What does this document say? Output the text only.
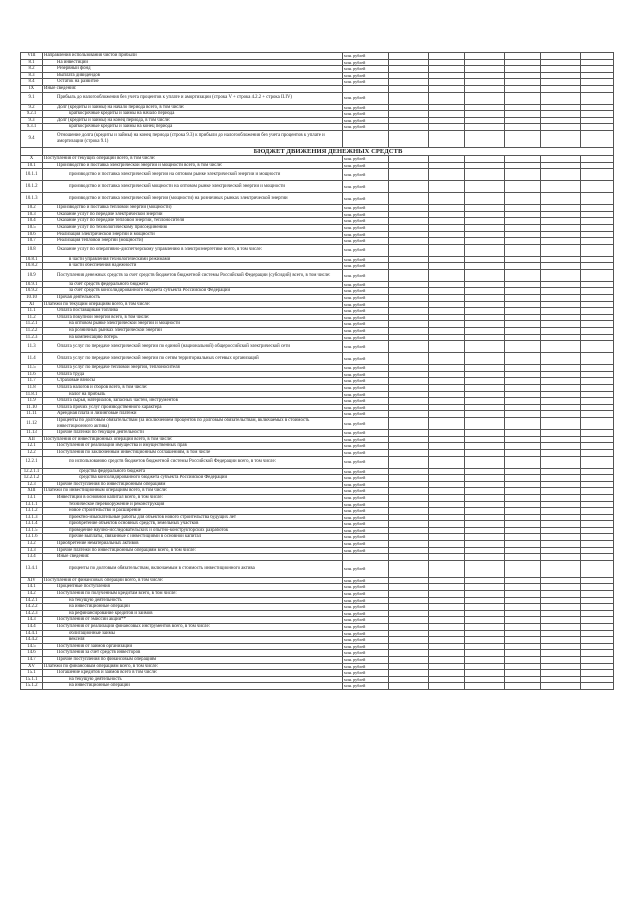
VIII	Направления использования чистой прибыли	млн. рублей						
8.1	На инвестиции	млн. рублей						
8.2	Резервный фонд	млн. рублей						
8.3	Выплата дивидендов	млн. рублей						
8.4	Остаток на развитие	млн. рублей						
IX	Иные сведения:							
9.1	Прибыль до налогообложения без учета процентов к уплате и амортизации (строка V + строка 4.2.2 + строка II.IV)	млн. рублей						
9.2	Долг (кредиты и займы) на начало периода всего, в том числе:	млн. рублей						
9.2.1	краткосрочные кредиты и займы на начало периода	млн. рублей						
9.3	Долг (кредиты и займы) на конец периода, в том числе:	млн. рублей						
9.3.1	краткосрочные кредиты и займы на конец периода	млн. рублей						
9.4	Отношение долга (кредиты и займы) на конец периода (строка 9.3) к прибыли до налогообложения без учета процентов к уплате и амортизации (строка 9.1)							
	БЮДЖЕТ ДВИЖЕНИЯ ДЕНЕЖНЫХ СРЕДСТВ							
X	Поступления от текущих операций всего, в том числе:	млн. рублей						
10.1	Производство и поставка электрической энергии и мощности всего, в том числе:	млн. рублей						
10.1.1	производство и поставка электрической энергии на оптовом рынке электрической энергии и мощности	млн. рублей						
10.1.2	производство и поставка электрической мощности на оптовом рынке электрической энергии и мощности	млн. рублей						
10.1.3	производство и поставка электрической энергии (мощности) на розничных рынках электрической энергии	млн. рублей						
10.2	Производство и поставка тепловой энергии (мощности)	млн. рублей						
10.3	Оказание услуг по передаче электрической энергии	млн. рублей						
10.4	Оказание услуг по передаче тепловой энергии, теплоносителя	млн. рублей						
10.5	Оказание услуг по технологическому присоединению	млн. рублей						
10.6	Реализация электрической энергии и мощности	млн. рублей						
10.7	Реализация тепловой энергии (мощности)	млн. рублей						
10.8	Оказание услуг по оперативно-диспетчерскому управлению в электроэнергетике всего, в том числе:	млн. рублей						
10.8.1	в части управления технологическими режимами	млн. рублей						
10.8.2	в части обеспечения надежности	млн. рублей						
10.9	Поступления денежных средств за счет средств бюджетов бюджетной системы Российской Федерации (субсидий) всего, в том числе:	млн. рублей						
10.9.1	за счет средств федерального бюджета	млн. рублей						
10.9.2	за счет средств консолидированного бюджета субъекта Российской Федерации	млн. рублей						
10.10	Прочая деятельность	млн. рублей						
XI	Платежи по текущим операциям всего, в том числе:	млн. рублей						
11.1	Оплата поставщикам топлива	млн. рублей						
11.2	Оплата покупной энергии всего, в том числе:	млн. рублей						
11.2.1	на оптовом рынке электрической энергии и мощности	млн. рублей						
11.2.2	на розничных рынках электрической энергии	млн. рублей						
11.2.3	на компенсацию потерь	млн. рублей						
11.3	Оплата услуг по передаче электрической энергии по единой (национальной) общероссийской электрической сети	млн. рублей						
11.4	Оплата услуг по передаче электрической энергии по сетям территориальных сетевых организаций	млн. рублей						
11.5	Оплата услуг по передаче тепловой энергии, теплоносителя	млн. рублей						
11.6	Оплата труда	млн. рублей						
11.7	Страховые взносы	млн. рублей						
11.8	Оплата налогов и сборов всего, в том числе:	млн. рублей						
11.8.1	налог на прибыль	млн. рублей						
11.9	Оплата сырья, материалов, запасных частей, инструментов	млн. рублей						
11.10	Оплата прочих услуг производственного характера	млн. рублей						
11.11	Арендная плата и лизинговые платежи	млн. рублей						
11.12	Проценты по долговым обязательствам (за исключением процентов по долговым обязательствам, включаемых в стоимость инвестиционного актива)	млн. рублей						
11.13	Прочие платежи по текущей деятельности	млн. рублей						
XII	Поступления от инвестиционных операций всего, в том числе:	млн. рублей						
12.1	Поступления от реализации имущества и имущественных прав	млн. рублей						
12.2	Поступления по заключенным инвестиционным соглашениям, в том числе	млн. рублей						
12.2.1	по использованию средств бюджетов бюджетной системы Российской Федерации всего, в том числе:	млн. рублей						
12.2.1.1	средства федерального бюджета	млн. рублей						
12.2.1.2	средства консолидированного бюджета субъекта Российской Федерации	млн. рублей						
12.3	Прочие поступления по инвестиционным операциям	млн. рублей						
XIII	Платежи по инвестиционным операциям всего, в том числе:	млн. рублей						
13.1	Инвестиции в основной капитал всего, в том числе:	млн. рублей						
13.1.1	техническое перевооружение и реконструкция	млн. рублей						
13.1.2	новое строительство и расширение	млн. рублей						
13.1.3	проектно-изыскательные работы для объектов нового строительства будущих лет	млн. рублей						
13.1.4	приобретение объектов основных средств, земельных участков	млн. рублей						
13.1.5	проведение научно-исследовательских и опытно-конструкторских разработок	млн. рублей						
13.1.6	прочие выплаты, связанные с инвестициями в основной капитал	млн. рублей						
13.2	Приобретение нематериальных активов	млн. рублей						
13.3	Прочие платежи по инвестиционным операциям всего, в том числе:	млн. рублей						
13.4	Иные сведения:							
13.4.1	проценты по долговым обязательствам, включаемым в стоимость инвестиционного актива	млн. рублей						
XIV	Поступления от финансовых операций всего, в том числе:	млн. рублей						
14.1	Процентные поступления	млн. рублей						
14.2	Поступления по полученным кредитам всего, в том числе:	млн. рублей						
14.2.1	на текущую деятельность	млн. рублей						
14.2.2	на инвестиционные операции	млн. рублей						
14.2.3	на рефинансирование кредитов и займов	млн. рублей						
14.3	Поступления от эмиссии акций**	млн. рублей						
14.4	Поступления от реализации финансовых инструментов всего, в том числе:	млн. рублей						
14.4.1	облигационные займы	млн. рублей						
14.4.2	векселя	млн. рублей						
14.5	Поступления от займов организаций	млн. рублей						
14.6	Поступления за счет средств инвесторов	млн. рублей						
14.7	Прочие поступления по финансовым операциям	млн. рублей						
XV	Платежи по финансовым операциям всего, в том числе:	млн. рублей						
15.1	Погашение кредитов и займов всего в том числе:	млн. рублей						
15.1.1	на текущую деятельность	млн. рублей						
15.1.2	на инвестиционные операции	млн. рублей						
